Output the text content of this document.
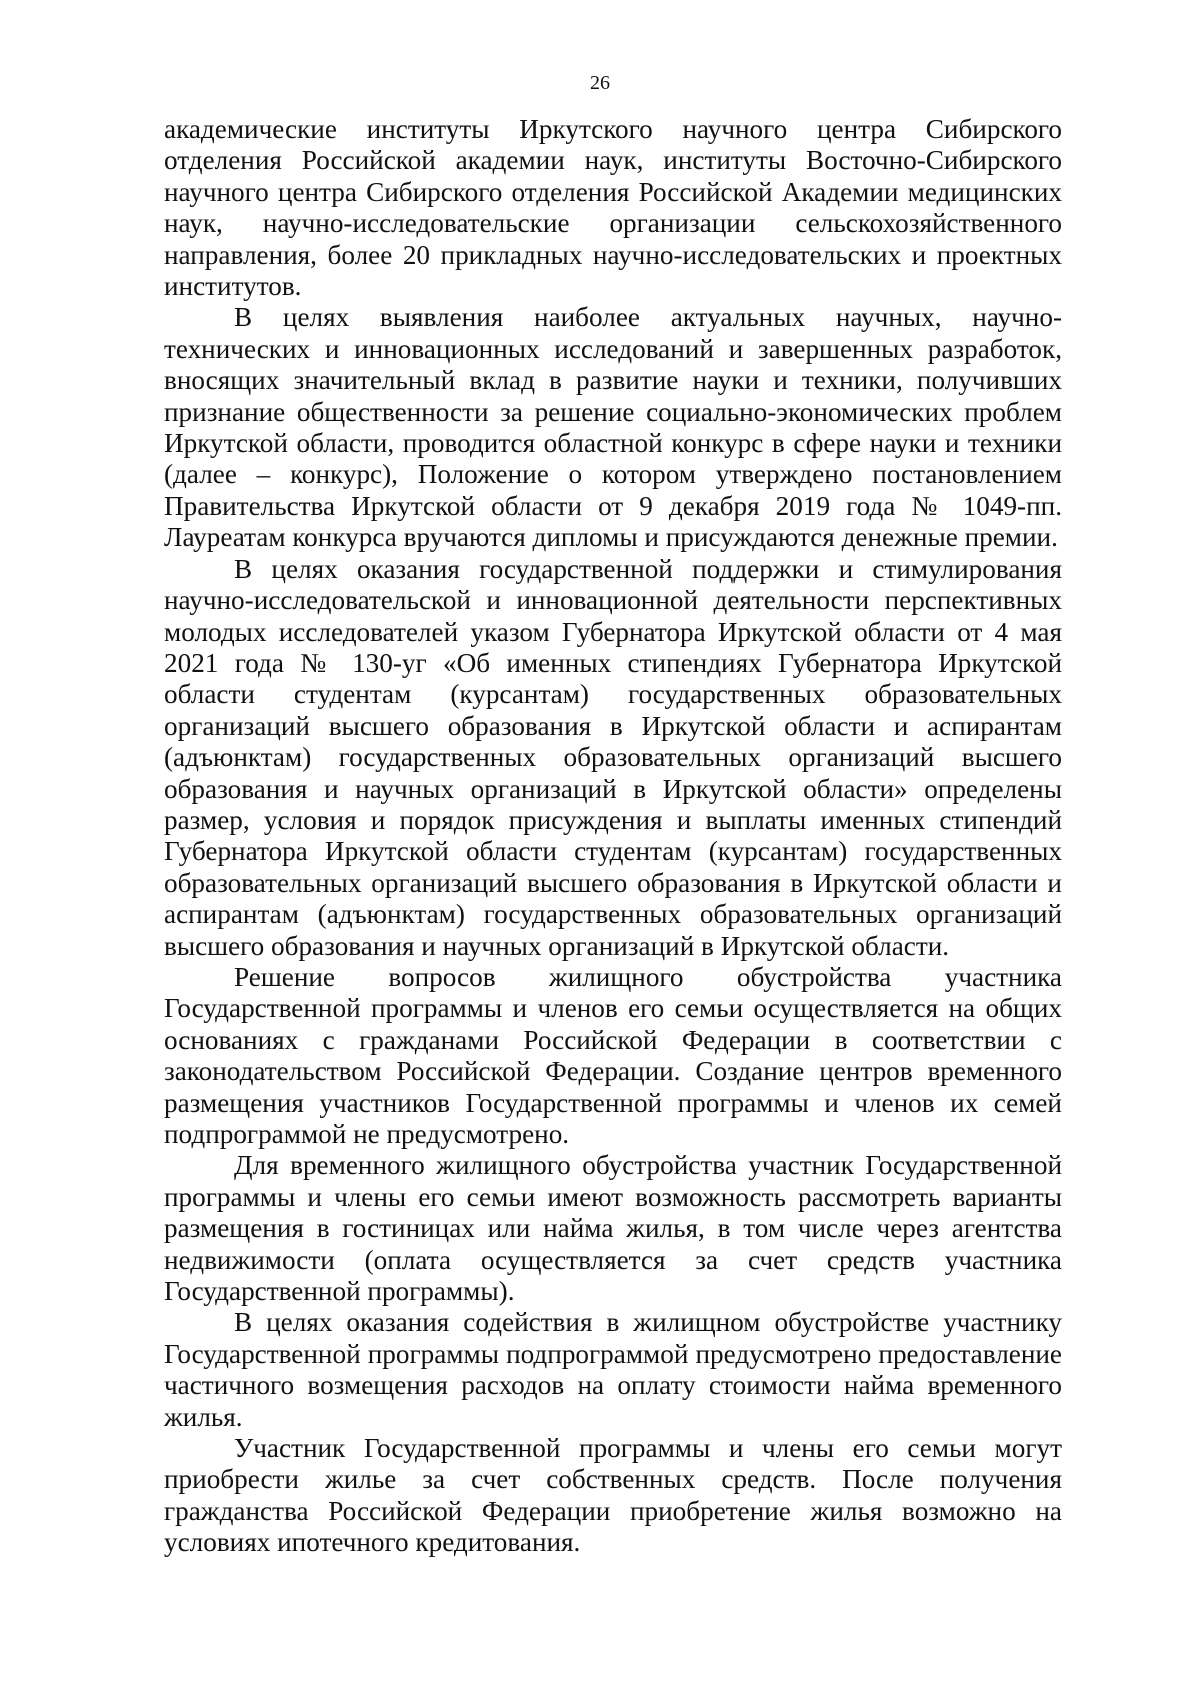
26

академические институты Иркутского научного центра Сибирского отделения Российской академии наук, институты Восточно-Сибирского научного центра Сибирского отделения Российской Академии медицинских наук, научно-исследовательские организации сельскохозяйственного направления, более 20 прикладных научно-исследовательских и проектных институтов.

В целях выявления наиболее актуальных научных, научно-технических и инновационных исследований и завершенных разработок, вносящих значительный вклад в развитие науки и техники, получивших признание общественности за решение социально-экономических проблем Иркутской области, проводится областной конкурс в сфере науки и техники (далее – конкурс), Положение о котором утверждено постановлением Правительства Иркутской области от 9 декабря 2019 года № 1049-пп. Лауреатам конкурса вручаются дипломы и присуждаются денежные премии.

В целях оказания государственной поддержки и стимулирования научно-исследовательской и инновационной деятельности перспективных молодых исследователей указом Губернатора Иркутской области от 4 мая 2021 года № 130-уг «Об именных стипендиях Губернатора Иркутской области студентам (курсантам) государственных образовательных организаций высшего образования в Иркутской области и аспирантам (адъюнктам) государственных образовательных организаций высшего образования и научных организаций в Иркутской области» определены размер, условия и порядок присуждения и выплаты именных стипендий Губернатора Иркутской области студентам (курсантам) государственных образовательных организаций высшего образования в Иркутской области и аспирантам (адъюнктам) государственных образовательных организаций высшего образования и научных организаций в Иркутской области.

Решение вопросов жилищного обустройства участника Государственной программы и членов его семьи осуществляется на общих основаниях с гражданами Российской Федерации в соответствии с законодательством Российской Федерации. Создание центров временного размещения участников Государственной программы и членов их семей подпрограммой не предусмотрено.

Для временного жилищного обустройства участник Государственной программы и члены его семьи имеют возможность рассмотреть варианты размещения в гостиницах или найма жилья, в том числе через агентства недвижимости (оплата осуществляется за счет средств участника Государственной программы).

В целях оказания содействия в жилищном обустройстве участнику Государственной программы подпрограммой предусмотрено предоставление частичного возмещения расходов на оплату стоимости найма временного жилья.

Участник Государственной программы и члены его семьи могут приобрести жилье за счет собственных средств. После получения гражданства Российской Федерации приобретение жилья возможно на условиях ипотечного кредитования.
